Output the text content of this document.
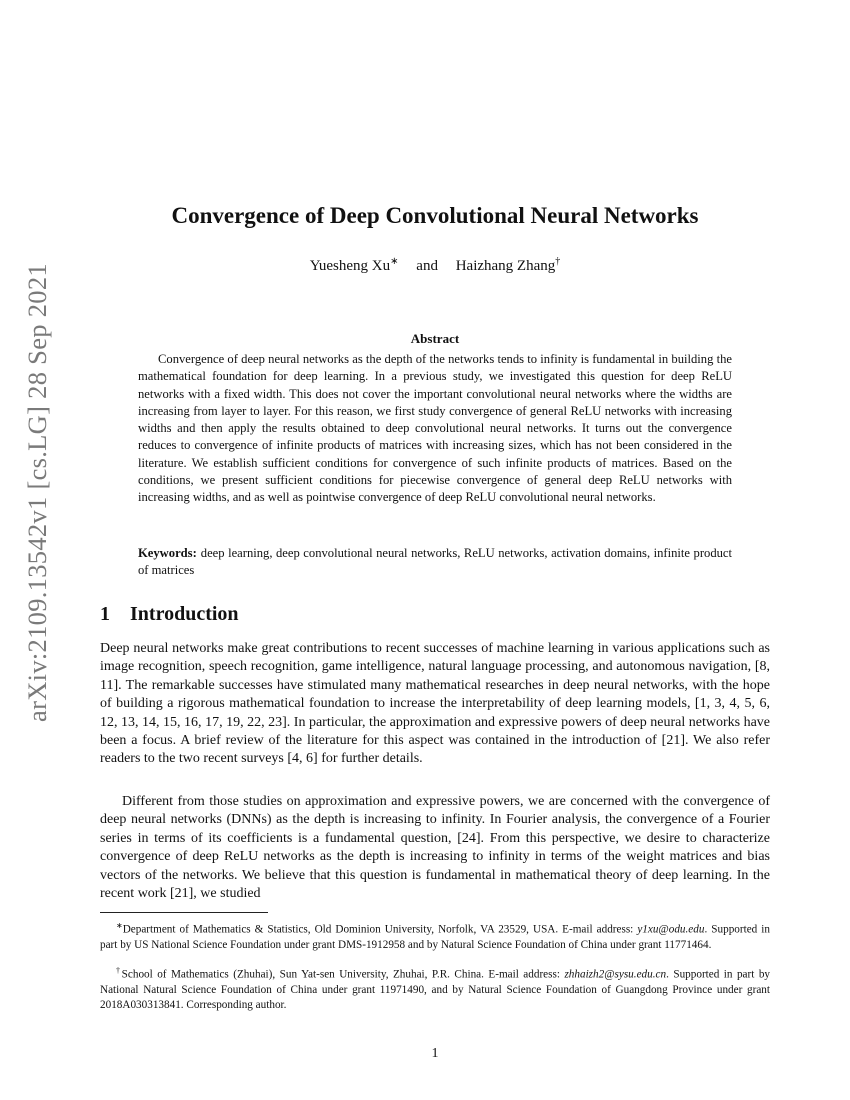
arXiv:2109.13542v1 [cs.LG] 28 Sep 2021
Convergence of Deep Convolutional Neural Networks
Yuesheng Xu∗ and Haizhang Zhang†
Abstract

Convergence of deep neural networks as the depth of the networks tends to infinity is fundamental in building the mathematical foundation for deep learning. In a previous study, we investigated this question for deep ReLU networks with a fixed width. This does not cover the important convolutional neural networks where the widths are increasing from layer to layer. For this reason, we first study convergence of general ReLU networks with increasing widths and then apply the results obtained to deep convolutional neural networks. It turns out the convergence reduces to convergence of infinite products of matrices with increasing sizes, which has not been considered in the literature. We establish sufficient conditions for convergence of such infinite products of matrices. Based on the conditions, we present sufficient conditions for piecewise convergence of general deep ReLU networks with increasing widths, and as well as pointwise convergence of deep ReLU convolutional neural networks.

Keywords: deep learning, deep convolutional neural networks, ReLU networks, activation domains, infinite product of matrices

1 Introduction

Deep neural networks make great contributions to recent successes of machine learning in various applications such as image recognition, speech recognition, game intelligence, natural language processing, and autonomous navigation, [8, 11]. The remarkable successes have stimulated many mathematical researches in deep neural networks, with the hope of building a rigorous mathematical foundation to increase the interpretability of deep learning models, [1, 3, 4, 5, 6, 12, 13, 14, 15, 16, 17, 19, 22, 23]. In particular, the approximation and expressive powers of deep neural networks have been a focus. A brief review of the literature for this aspect was contained in the introduction of [21]. We also refer readers to the two recent surveys [4, 6] for further details.

Different from those studies on approximation and expressive powers, we are concerned with the convergence of deep neural networks (DNNs) as the depth is increasing to infinity. In Fourier analysis, the convergence of a Fourier series in terms of its coefficients is a fundamental question, [24]. From this perspective, we desire to characterize convergence of deep ReLU networks as the depth is increasing to infinity in terms of the weight matrices and bias vectors of the networks. We believe that this question is fundamental in mathematical theory of deep learning. In the recent work [21], we studied

∗Department of Mathematics & Statistics, Old Dominion University, Norfolk, VA 23529, USA. E-mail address: y1xu@odu.edu. Supported in part by US National Science Foundation under grant DMS-1912958 and by Natural Science Foundation of China under grant 11771464.

†School of Mathematics (Zhuhai), Sun Yat-sen University, Zhuhai, P.R. China. E-mail address: zhhaizh2@sysu.edu.cn. Supported in part by National Natural Science Foundation of China under grant 11971490, and by Natural Science Foundation of Guangdong Province under grant 2018A030313841. Corresponding author.

1
